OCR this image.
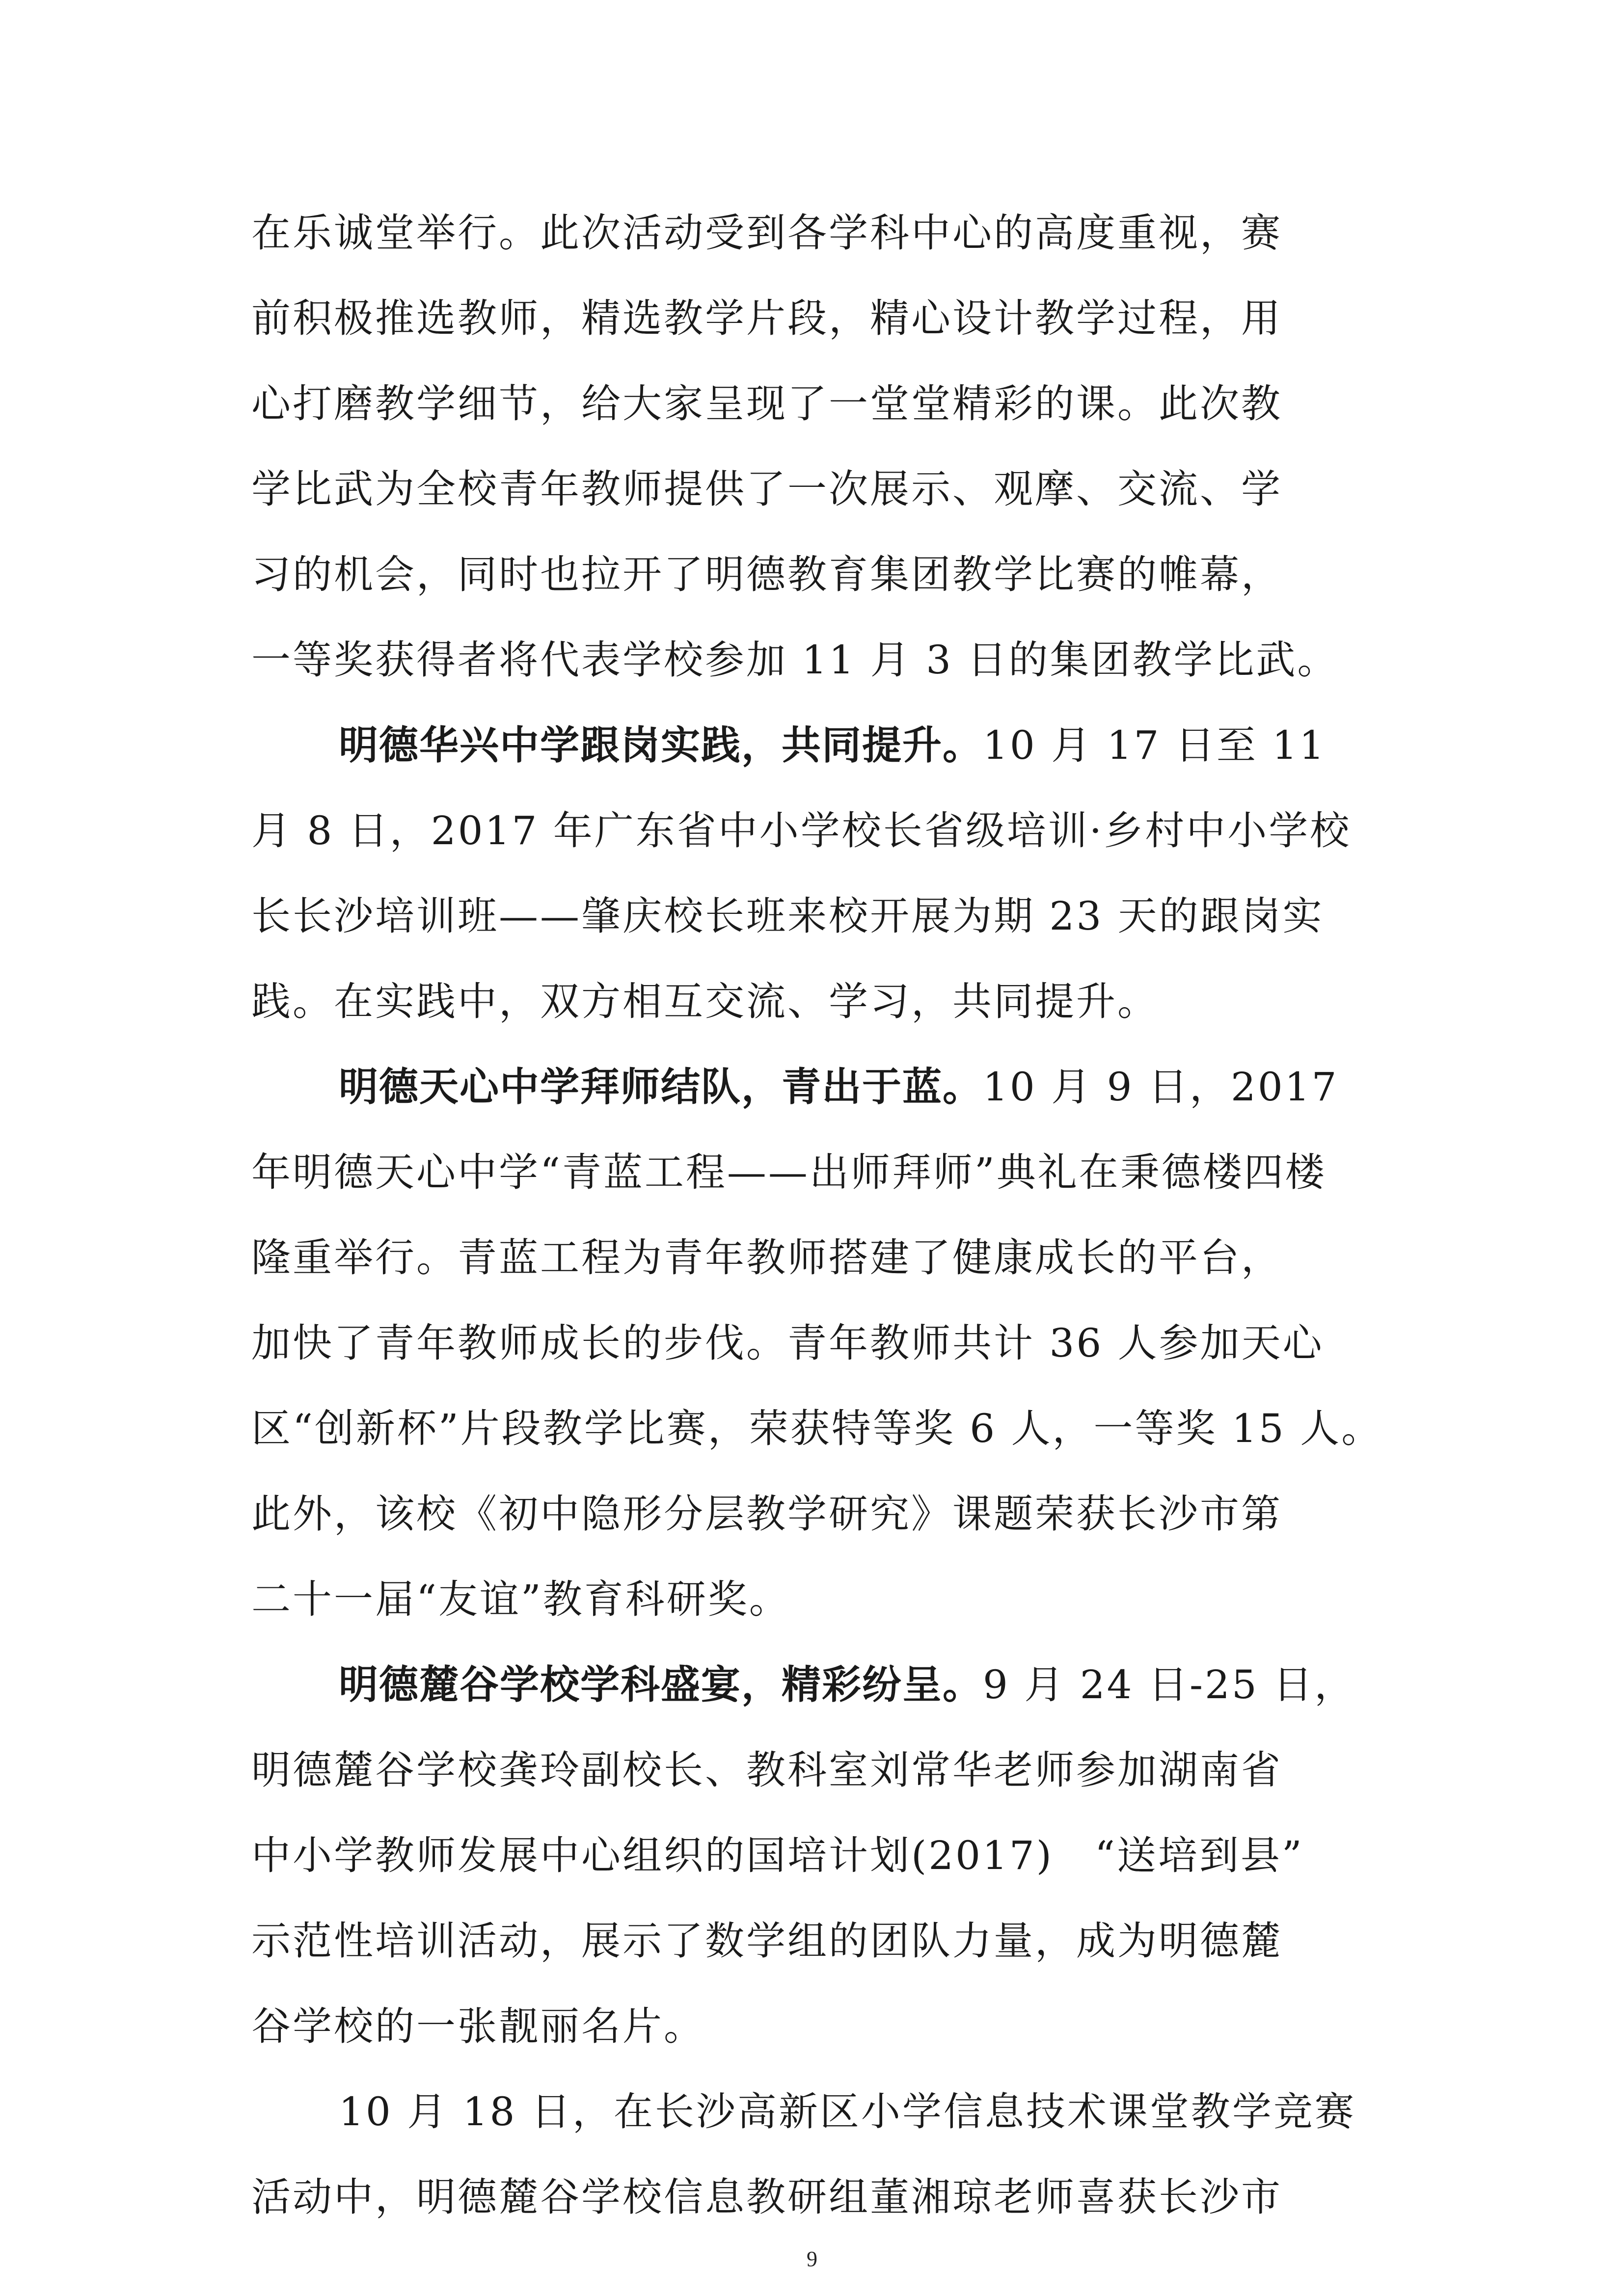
在乐诚堂举行。此次活动受到各学科中心的高度重视，赛
前积极推选教师，精选教学片段，精心设计教学过程，用
心打磨教学细节，给大家呈现了一堂堂精彩的课。此次教
学比武为全校青年教师提供了一次展示、观摩、交流、学
习的机会，同时也拉开了明德教育集团教学比赛的帷幕，
一等奖获得者将代表学校参加 11 月 3 日的集团教学比武。
明德华兴中学跟岗实践，共同提升。10 月 17 日至 11
月 8 日，2017 年广东省中小学校长省级培训·乡村中小学校
长长沙培训班——肇庆校长班来校开展为期 23 天的跟岗实
践。在实践中，双方相互交流、学习，共同提升。
明德天心中学拜师结队，青出于蓝。10 月 9 日，2017
年明德天心中学“青蓝工程——出师拜师”典礼在秉德楼四楼
隆重举行。青蓝工程为青年教师搭建了健康成长的平台，
加快了青年教师成长的步伐。青年教师共计 36 人参加天心
区“创新杯”片段教学比赛，荣获特等奖 6 人，一等奖 15 人。
此外，该校《初中隐形分层教学研究》课题荣获长沙市第
二十一届“友谊”教育科研奖。
明德麓谷学校学科盛宴，精彩纷呈。9 月 24 日-25 日，
明德麓谷学校龚玲副校长、教科室刘常华老师参加湖南省
中小学教师发展中心组织的国培计划(2017)　“送培到县”
示范性培训活动，展示了数学组的团队力量，成为明德麓
谷学校的一张靓丽名片。
10 月 18 日，在长沙高新区小学信息技术课堂教学竞赛
活动中，明德麓谷学校信息教研组董湘琼老师喜获长沙市
9
